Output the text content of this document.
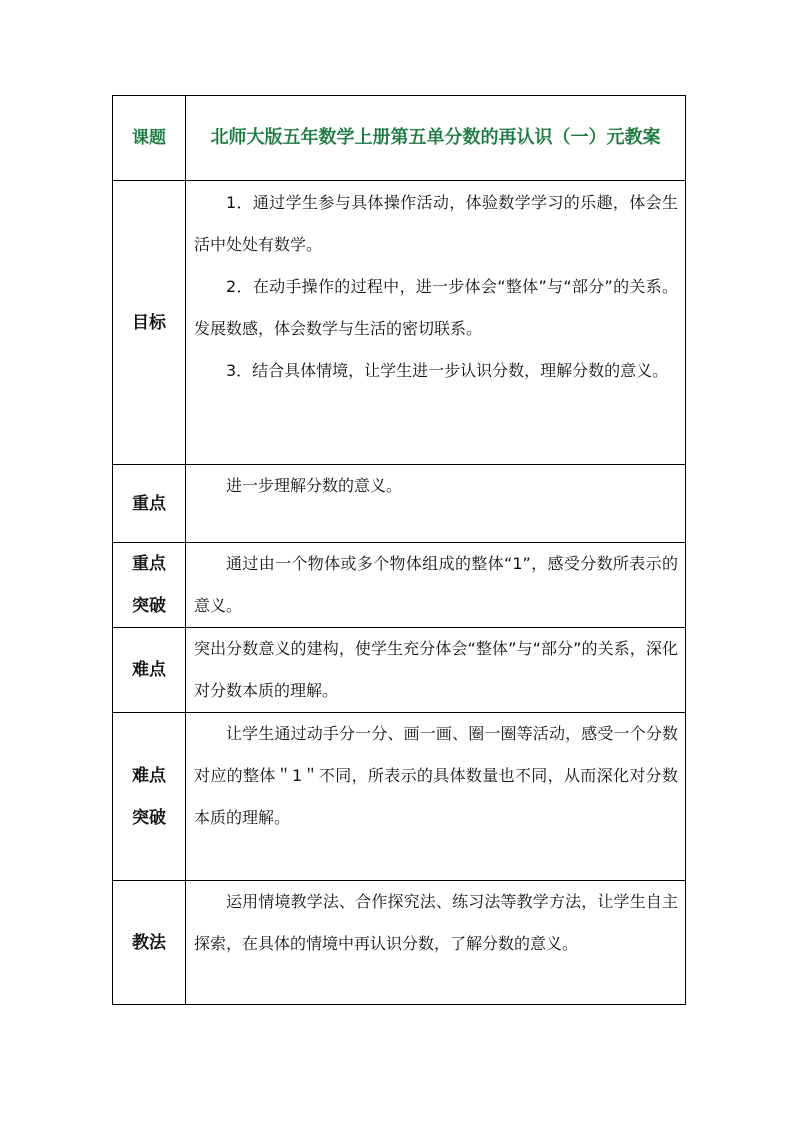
课题	北师大版五年数学上册第五单分数的再认识（一）元教案
目标	1．通过学生参与具体操作活动，体验数学学习的乐趣，体会生活中处处有数学。

2．在动手操作的过程中，进一步体会“整体”与“部分”的关系。发展数感，体会数学与生活的密切联系。

3．结合具体情境，让学生进一步认识分数，理解分数的意义。

重点	进一步理解分数的意义。

重点
突破	通过由一个物体或多个物体组成的整体“1”，感受分数所表示的意义。

难点	突出分数意义的建构，使学生充分体会“整体”与“部分”的关系，深化对分数本质的理解。

难点
突破	让学生通过动手分一分、画一画、圈一圈等活动，感受一个分数对应的整体＂1＂不同，所表示的具体数量也不同，从而深化对分数本质的理解。

教法	运用情境教学法、合作探究法、练习法等教学方法，让学生自主探索，在具体的情境中再认识分数，了解分数的意义。
